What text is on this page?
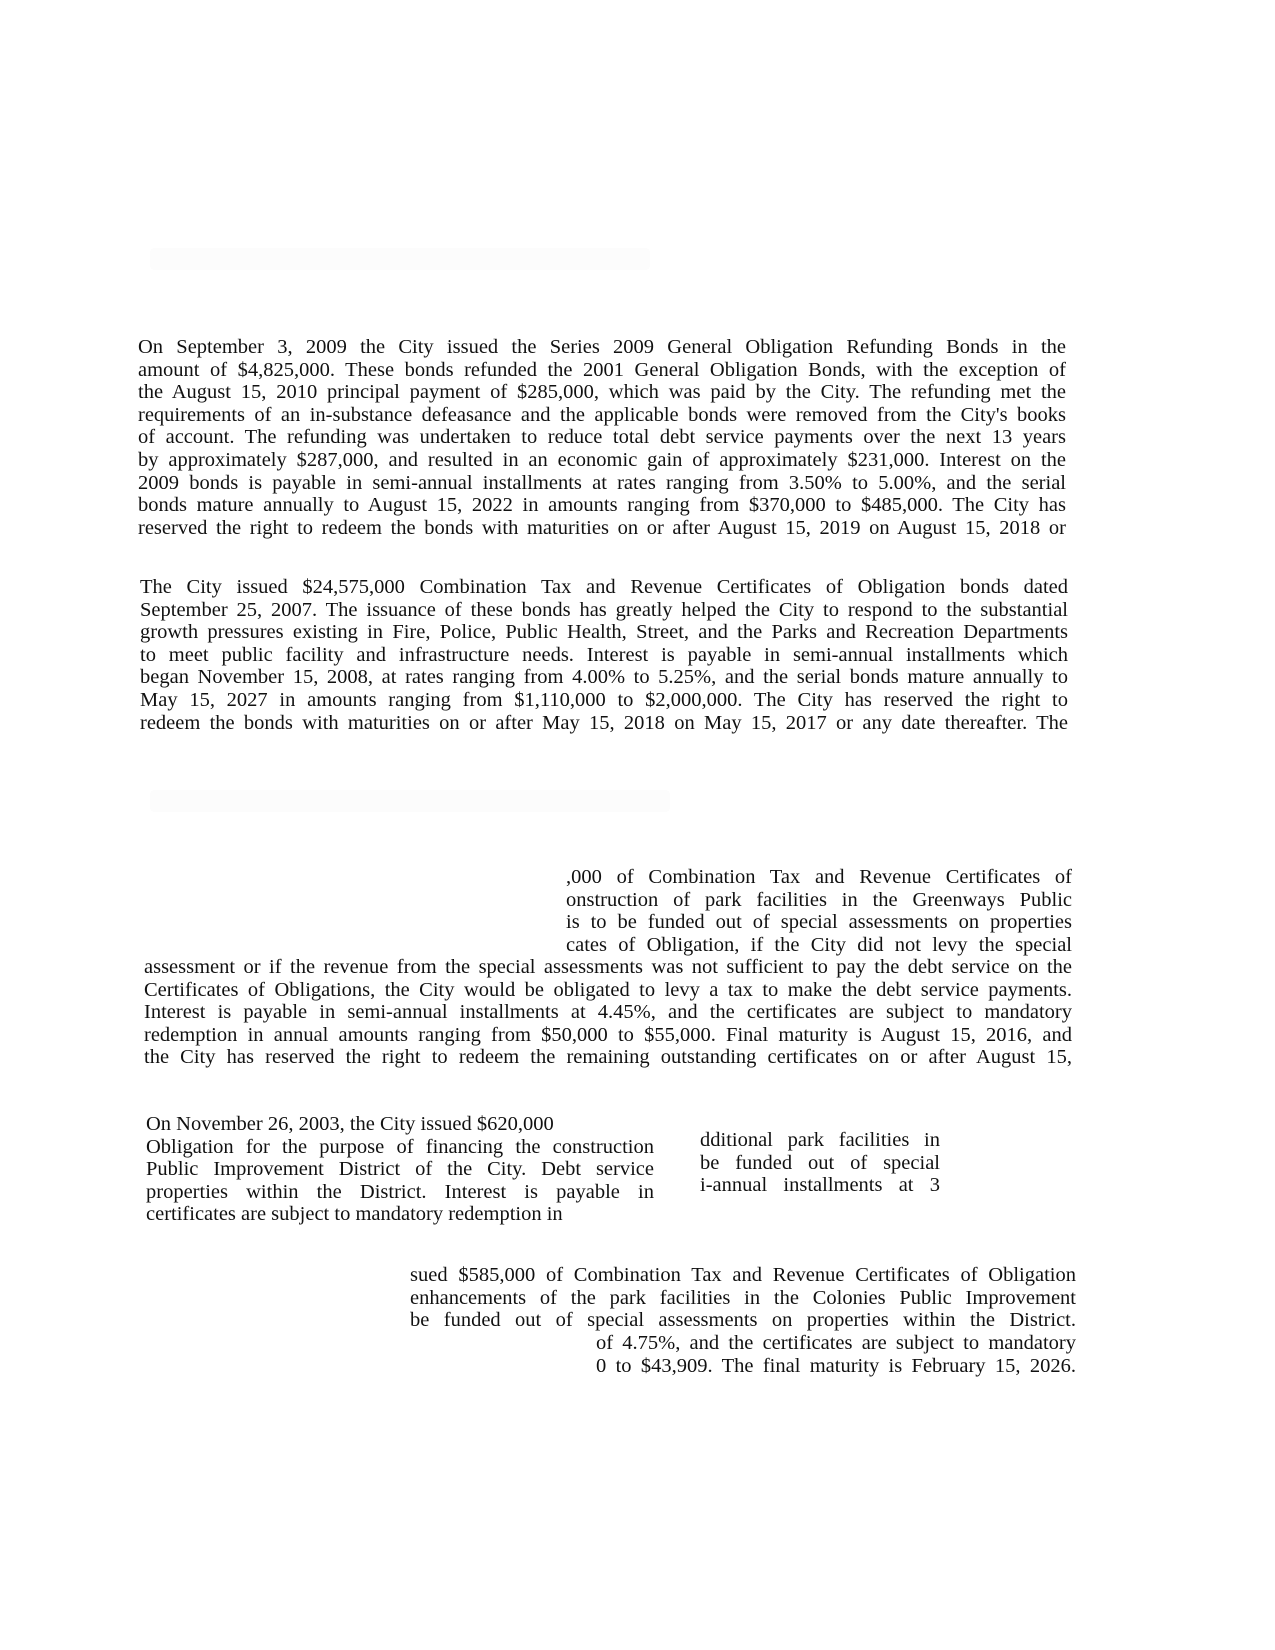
On September 3, 2009 the City issued the Series 2009 General Obligation Refunding Bonds in the
amount of $4,825,000. These bonds refunded the 2001 General Obligation Bonds, with the exception of
the August 15, 2010 principal payment of $285,000, which was paid by the City. The refunding met the
requirements of an in-substance defeasance and the applicable bonds were removed from the City's books
of account. The refunding was undertaken to reduce total debt service payments over the next 13 years
by approximately $287,000, and resulted in an economic gain of approximately $231,000. Interest on the
2009 bonds is payable in semi-annual installments at rates ranging from 3.50% to 5.00%, and the serial
bonds mature annually to August 15, 2022 in amounts ranging from $370,000 to $485,000. The City has
reserved the right to redeem the bonds with maturities on or after August 15, 2019 on August 15, 2018 or
The City issued $24,575,000 Combination Tax and Revenue Certificates of Obligation bonds dated
September 25, 2007. The issuance of these bonds has greatly helped the City to respond to the substantial
growth pressures existing in Fire, Police, Public Health, Street, and the Parks and Recreation Departments
to meet public facility and infrastructure needs. Interest is payable in semi-annual installments which
began November 15, 2008, at rates ranging from 4.00% to 5.25%, and the serial bonds mature annually to
May 15, 2027 in amounts ranging from $1,110,000 to $2,000,000. The City has reserved the right to
redeem the bonds with maturities on or after May 15, 2018 on May 15, 2017 or any date thereafter. The
,000 of Combination Tax and Revenue Certificates of
onstruction of park facilities in the Greenways Public
is to be funded out of special assessments on properties
cates of Obligation, if the City did not levy the special
assessment or if the revenue from the special assessments was not sufficient to pay the debt service on the
Certificates of Obligations, the City would be obligated to levy a tax to make the debt service payments.
Interest is payable in semi-annual installments at 4.45%, and the certificates are subject to mandatory
redemption in annual amounts ranging from $50,000 to $55,000. Final maturity is August 15, 2016, and
the City has reserved the right to redeem the remaining outstanding certificates on or after August 15,
On November 26, 2003, the City issued $620,000
Obligation for the purpose of financing the construction
Public Improvement District of the City. Debt service
properties within the District. Interest is payable in
certificates are subject to mandatory redemption in
dditional park facilities in
be funded out of special
i-annual installments at 3
sued $585,000 of Combination Tax and Revenue Certificates of Obligation
enhancements of the park facilities in the Colonies Public Improvement
be funded out of special assessments on properties within the District.
of 4.75%, and the certificates are subject to mandatory
0 to $43,909. The final maturity is February 15, 2026.
